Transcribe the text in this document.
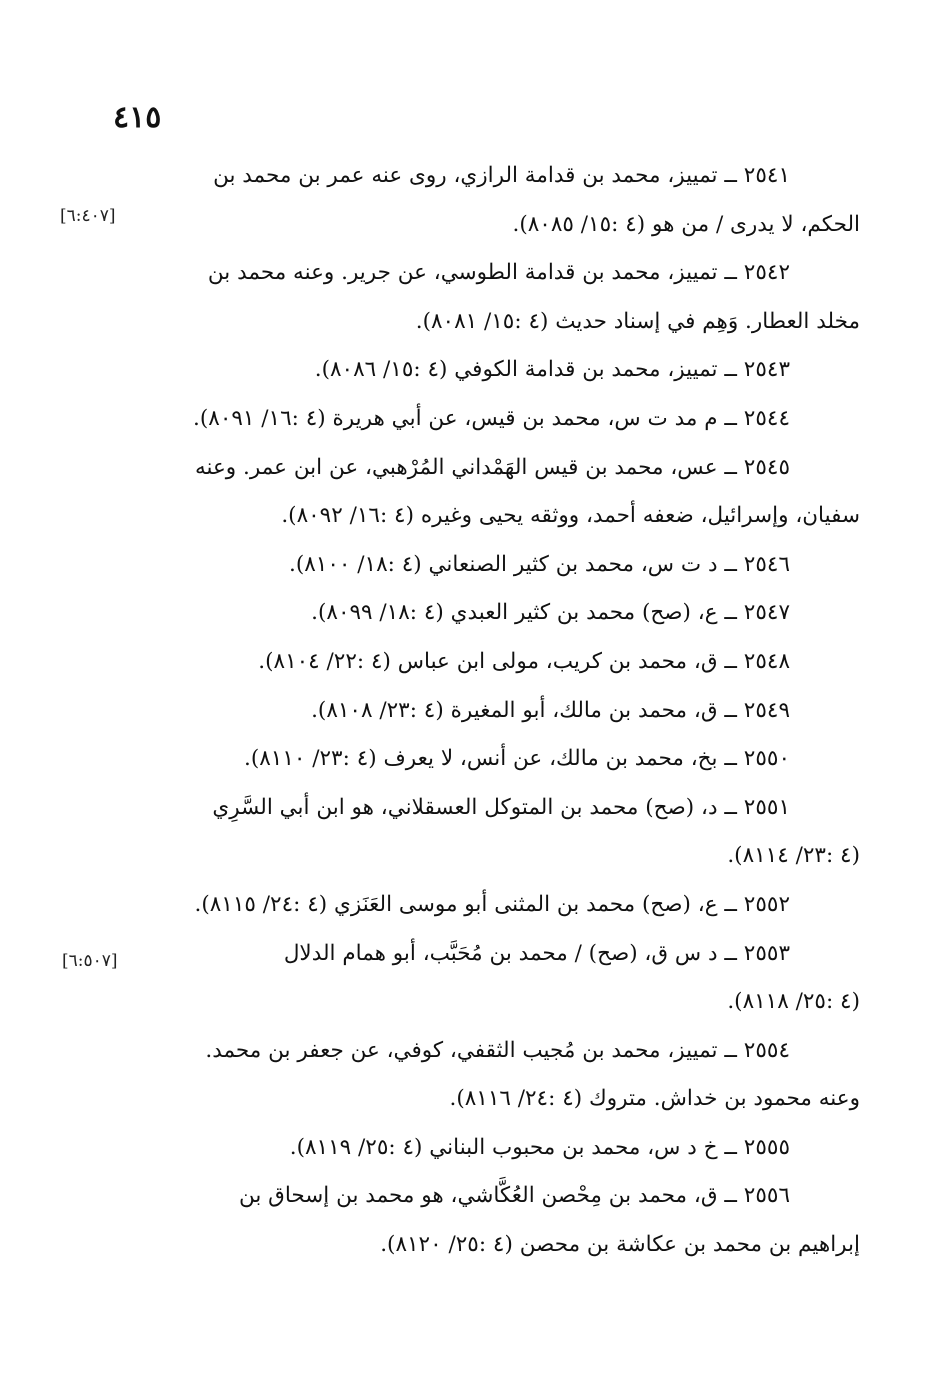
٤١٥
[٦:٤٠٧]
[٦:٥٠٧]
٢٥٤١ ــ تمييز، محمد بن قدامة الرازي، روى عنه عمر بن محمد بن
الحكم، لا يدرى / من هو (٤ :١٥/ ٨٠٨٥).
٢٥٤٢ ــ تمييز، محمد بن قدامة الطوسي، عن جرير. وعنه محمد بن
مخلد العطار. وَهِم في إسناد حديث (٤ :١٥/ ٨٠٨١).
٢٥٤٣ ــ تمييز، محمد بن قدامة الكوفي (٤ :١٥/ ٨٠٨٦).
٢٥٤٤ ــ م مد ت س، محمد بن قيس، عن أبي هريرة (٤ :١٦/ ٨٠٩١).
٢٥٤٥ ــ عس، محمد بن قيس الهَمْداني المُرْهبي، عن ابن عمر. وعنه
سفيان، وإسرائيل، ضعفه أحمد، ووثقه يحيى وغيره (٤ :١٦/ ٨٠٩٢).
٢٥٤٦ ــ د ت س، محمد بن كثير الصنعاني (٤ :١٨/ ٨١٠٠).
٢٥٤٧ ــ ع، (صح) محمد بن كثير العبدي (٤ :١٨/ ٨٠٩٩).
٢٥٤٨ ــ ق، محمد بن كريب، مولى ابن عباس (٤ :٢٢/ ٨١٠٤).
٢٥٤٩ ــ ق، محمد بن مالك، أبو المغيرة (٤ :٢٣/ ٨١٠٨).
٢٥٥٠ ــ بخ، محمد بن مالك، عن أنس، لا يعرف (٤ :٢٣/ ٨١١٠).
٢٥٥١ ــ د، (صح) محمد بن المتوكل العسقلاني، هو ابن أبي السَّرِي
(٤ :٢٣/ ٨١١٤).
٢٥٥٢ ــ ع، (صح) محمد بن المثنى أبو موسى العَنَزي (٤ :٢٤/ ٨١١٥).
٢٥٥٣ ــ د س ق، (صح) / محمد بن مُحَبَّب، أبو همام الدلال
(٤ :٢٥/ ٨١١٨).
٢٥٥٤ ــ تمييز، محمد بن مُجيب الثقفي، كوفي، عن جعفر بن محمد.
وعنه محمود بن خداش. متروك (٤ :٢٤/ ٨١١٦).
٢٥٥٥ ــ خ د س، محمد بن محبوب البناني (٤ :٢٥/ ٨١١٩).
٢٥٥٦ ــ ق، محمد بن مِحْصن العُكَّاشي، هو محمد بن إسحاق بن
إبراهيم بن محمد بن عكاشة بن محصن (٤ :٢٥/ ٨١٢٠).
